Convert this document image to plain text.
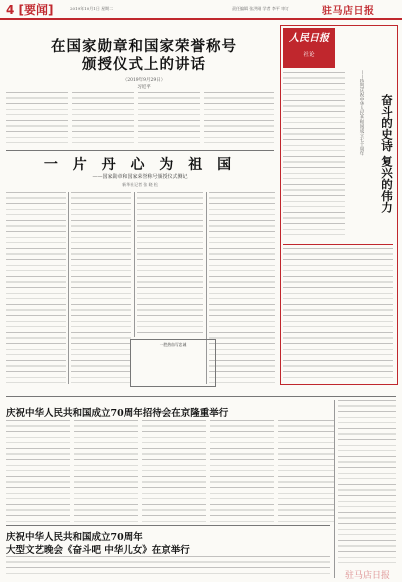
4 [要闻]	2019年10月1日 星期二	责任编辑 张洪刚 学者 李平 审订	驻马店日报
在国家勋章和国家荣誉称号
颁授仪式上的讲话
（2019年9月29日）
习近平
人民日报
社论
奋斗的史诗 复兴的伟力
——热烈庆祝中华人民共和国成立七十周年
一 片 丹 心 为 祖 国
——国家勋章和国家荣誉称号颁授仪式侧记
新华社记者 张 晓 松
一腔热血写忠诚
庆祝中华人民共和国成立70周年招待会在京隆重举行
庆祝中华人民共和国成立70周年
大型文艺晚会《奋斗吧 中华儿女》在京举行
驻马店日报
